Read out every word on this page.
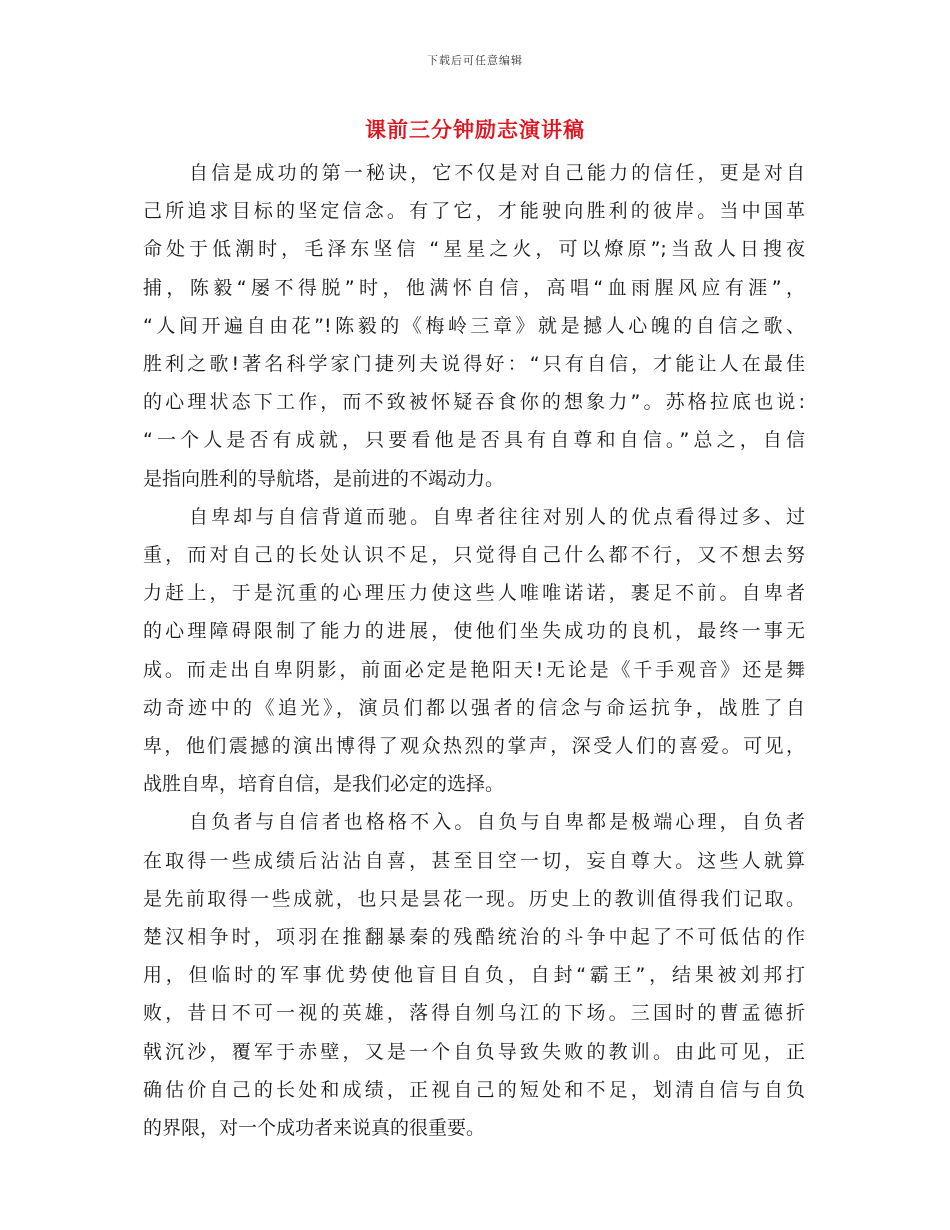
下载后可任意编辑
课前三分钟励志演讲稿
自信是成功的第一秘诀，它不仅是对自己能力的信任，更是对自
己所追求目标的坚定信念。有了它，才能驶向胜利的彼岸。当中国革
命处于低潮时，毛泽东坚信 “星星之火，可以燎原”;当敌人日搜夜
捕，陈毅“屡不得脱”时，他满怀自信，高唱“血雨腥风应有涯”，
“人间开遍自由花”!陈毅的《梅岭三章》就是撼人心魄的自信之歌、
胜利之歌!著名科学家门捷列夫说得好：“只有自信，才能让人在最佳
的心理状态下工作，而不致被怀疑吞食你的想象力”。苏格拉底也说:
“一个人是否有成就，只要看他是否具有自尊和自信。”总之，自信
是指向胜利的导航塔，是前进的不竭动力。
自卑却与自信背道而驰。自卑者往往对别人的优点看得过多、过
重，而对自己的长处认识不足，只觉得自己什么都不行，又不想去努
力赶上，于是沉重的心理压力使这些人唯唯诺诺，裹足不前。自卑者
的心理障碍限制了能力的进展，使他们坐失成功的良机，最终一事无
成。而走出自卑阴影，前面必定是艳阳天!无论是《千手观音》还是舞
动奇迹中的《追光》，演员们都以强者的信念与命运抗争，战胜了自
卑，他们震撼的演出博得了观众热烈的掌声，深受人们的喜爱。可见，
战胜自卑，培育自信，是我们必定的选择。
自负者与自信者也格格不入。自负与自卑都是极端心理，自负者
在取得一些成绩后沾沾自喜，甚至目空一切，妄自尊大。这些人就算
是先前取得一些成就，也只是昙花一现。历史上的教训值得我们记取。
楚汉相争时，项羽在推翻暴秦的残酷统治的斗争中起了不可低估的作
用，但临时的军事优势使他盲目自负，自封“霸王”，结果被刘邦打
败，昔日不可一视的英雄，落得自刎乌江的下场。三国时的曹孟德折
戟沉沙，覆军于赤壁，又是一个自负导致失败的教训。由此可见，正
确估价自己的长处和成绩，正视自己的短处和不足，划清自信与自负
的界限，对一个成功者来说真的很重要。
